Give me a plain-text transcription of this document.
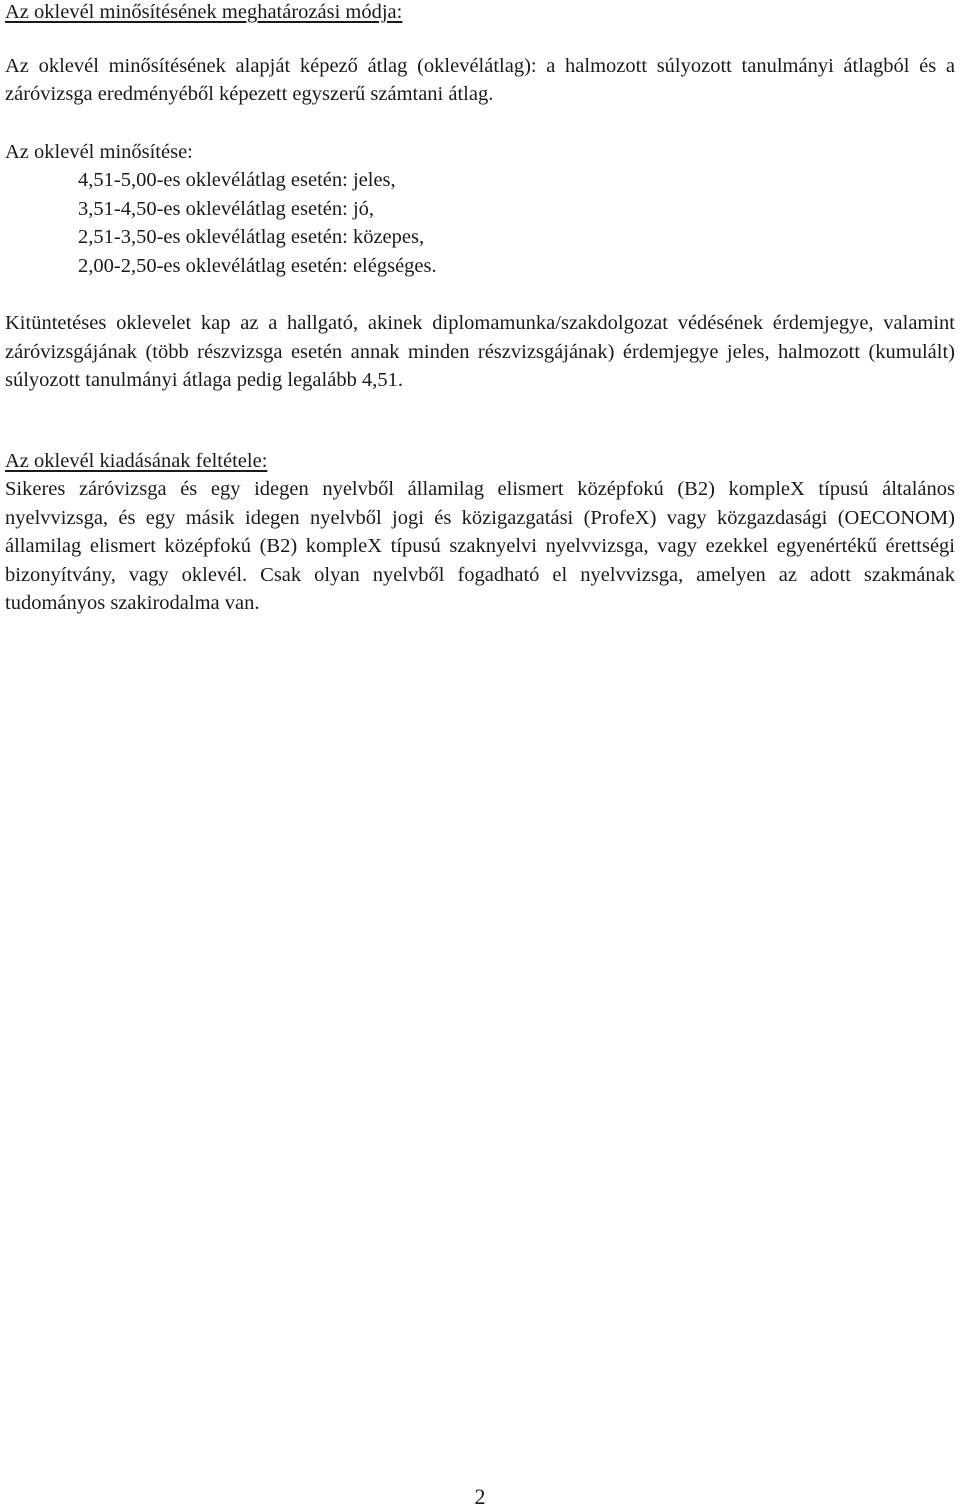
Az oklevél minősítésének meghatározási módja:

Az oklevél minősítésének alapját képező átlag (oklevélátlag): a halmozott súlyozott tanulmányi átlagból és a záróvizsga eredményéből képezett egyszerű számtani átlag.

Az oklevél minősítése:

4,51-5,00-es oklevélátlag esetén: jeles,
3,51-4,50-es oklevélátlag esetén: jó,
2,51-3,50-es oklevélátlag esetén: közepes,
2,00-2,50-es oklevélátlag esetén: elégséges.

Kitüntetéses oklevelet kap az a hallgató, akinek diplomamunka/szakdolgozat védésének érdemjegye, valamint záróvizsgájának (több részvizsga esetén annak minden részvizsgájának) érdemjegye jeles, halmozott (kumulált) súlyozott tanulmányi átlaga pedig legalább 4,51.

Az oklevél kiadásának feltétele:

Sikeres záróvizsga és egy idegen nyelvből államilag elismert középfokú (B2) kompleX típusú általános nyelvvizsga, és egy másik idegen nyelvből jogi és közigazgatási (ProfeX) vagy közgazdasági (OECONOM) államilag elismert középfokú (B2) kompleX típusú szaknyelvi nyelvvizsga, vagy ezekkel egyenértékű érettségi bizonyítvány, vagy oklevél. Csak olyan nyelvből fogadható el nyelvvizsga, amelyen az adott szakmának tudományos szakirodalma van.

2
